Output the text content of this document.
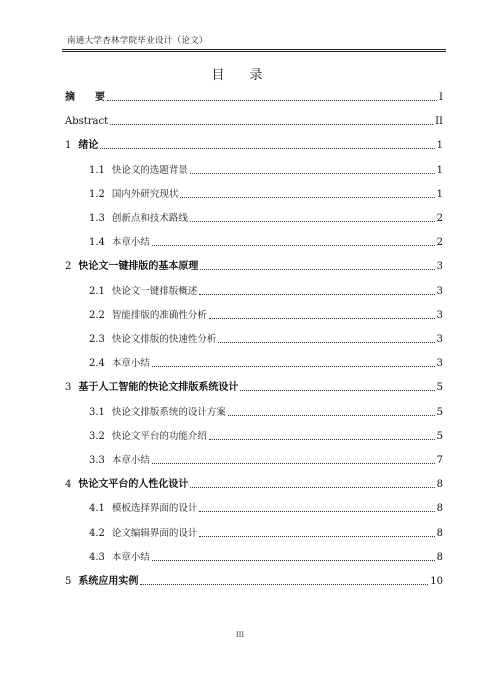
南通大学杏林学院毕业设计（论文）
目　录
摘　　要	I
Abstract	II
1 绪论	1
1.1 快论文的选题背景	1
1.2 国内外研究现状	1
1.3 创新点和技术路线	2
1.4 本章小结	2
2 快论文一键排版的基本原理	3
2.1 快论文一键排版概述	3
2.2 智能排版的准确性分析	3
2.3 快论文排版的快速性分析	3
2.4 本章小结	3
3 基于人工智能的快论文排版系统设计	5
3.1 快论文排版系统的设计方案	5
3.2 快论文平台的功能介绍	5
3.3 本章小结	7
4 快论文平台的人性化设计	8
4.1 模板选择界面的设计	8
4.2 论文编辑界面的设计	8
4.3 本章小结	8
5 系统应用实例	10
III
